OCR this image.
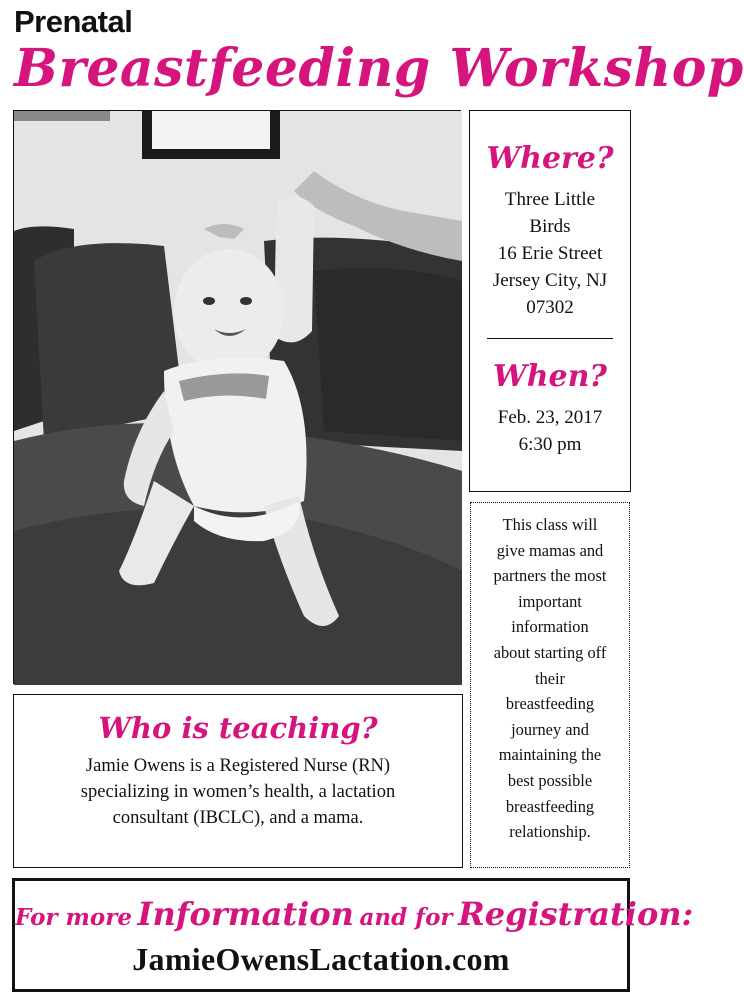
Prenatal
Breastfeeding Workshop
Where?
Three Little
Birds
16 Erie Street
Jersey City, NJ
07302
When?
Feb. 23, 2017
6:30 pm
This class will
give mamas and
partners the most
important
information
about starting off
their
breastfeeding
journey and
maintaining the
best possible
breastfeeding
relationship.
Who is teaching?
Jamie Owens is a Registered Nurse (RN)
specializing in women’s health, a lactation
consultant (IBCLC), and a mama.
For more Information and for Registration:
JamieOwensLactation.com
